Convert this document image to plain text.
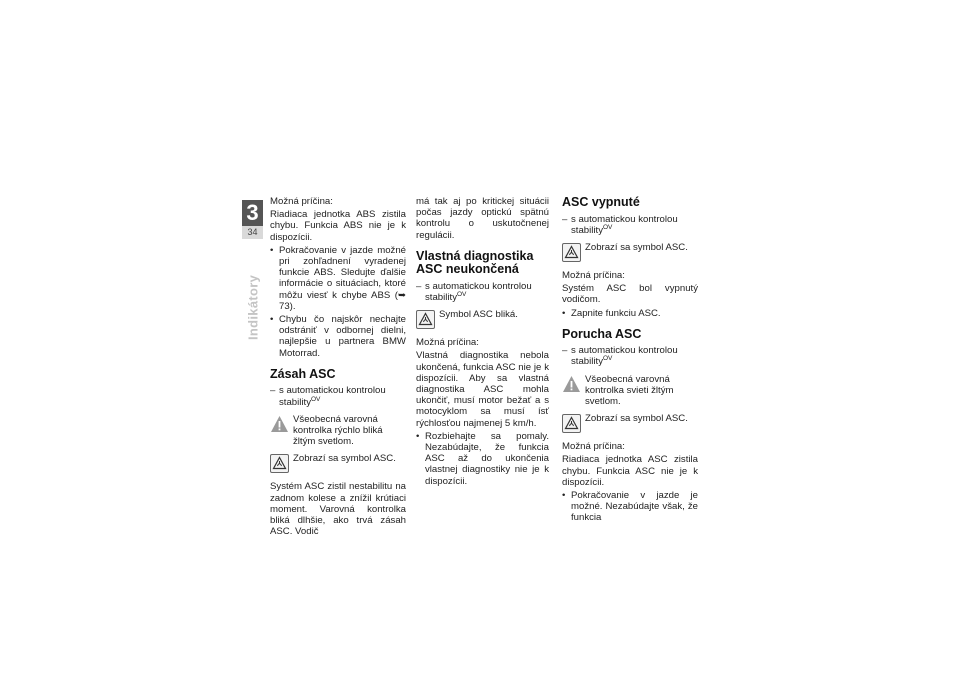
3
34
Indikátory

Možná príčina:

Riadiaca jednotka ABS zistila chybu. Funkcia ABS nie je k dispozícii.

• Pokračovanie v jazde možné pri zohľadnení vyradenej funkcie ABS. Sledujte ďalšie informácie o situáciach, ktoré môžu viesť k chybe ABS (➥ 73).
• Chybu čo najskôr nechajte odstrániť v odbornej dielni, najlepšie u partnera BMW Motorrad.
Zásah ASC
– s automatickou kontrolou stability$^{OV}$
Všeobecná varovná kontrolka rýchlo bliká žltým svetlom.
Zobrazí sa symbol ASC.

Systém ASC zistil nestabilitu na zadnom kolese a znížil krútiaci moment. Varovná kontrolka bliká dlhšie, ako trvá zásah ASC. Vodič

má tak aj po kritickej situácii počas jazdy optickú spätnú kontrolu o uskutočnenej regulácii.

Vlastná diagnostika ASC neukončená
– s automatickou kontrolou stability$^{OV}$
Symbol ASC bliká.

Možná príčina:

Vlastná diagnostika nebola ukončená, funkcia ASC nie je k dispozícii. Aby sa vlastná diagnostika ASC mohla ukončiť, musí motor bežať a s motocyklom sa musí ísť rýchlosťou najmenej 5 km/h.

• Rozbiehajte sa pomaly. Nezabúdajte, že funkcia ASC až do ukončenia vlastnej diagnostiky nie je k dispozícii.
ASC vypnuté
– s automatickou kontrolou stability$^{OV}$
Zobrazí sa symbol ASC.

Možná príčina:

Systém ASC bol vypnutý vodičom.

• Zapnite funkciu ASC.
Porucha ASC
– s automatickou kontrolou stability$^{OV}$
Všeobecná varovná kontrolka svieti žltým svetlom.
Zobrazí sa symbol ASC.

Možná príčina:

Riadiaca jednotka ASC zistila chybu. Funkcia ASC nie je k dispozícii.

• Pokračovanie v jazde je možné. Nezabúdajte však, že funkcia
